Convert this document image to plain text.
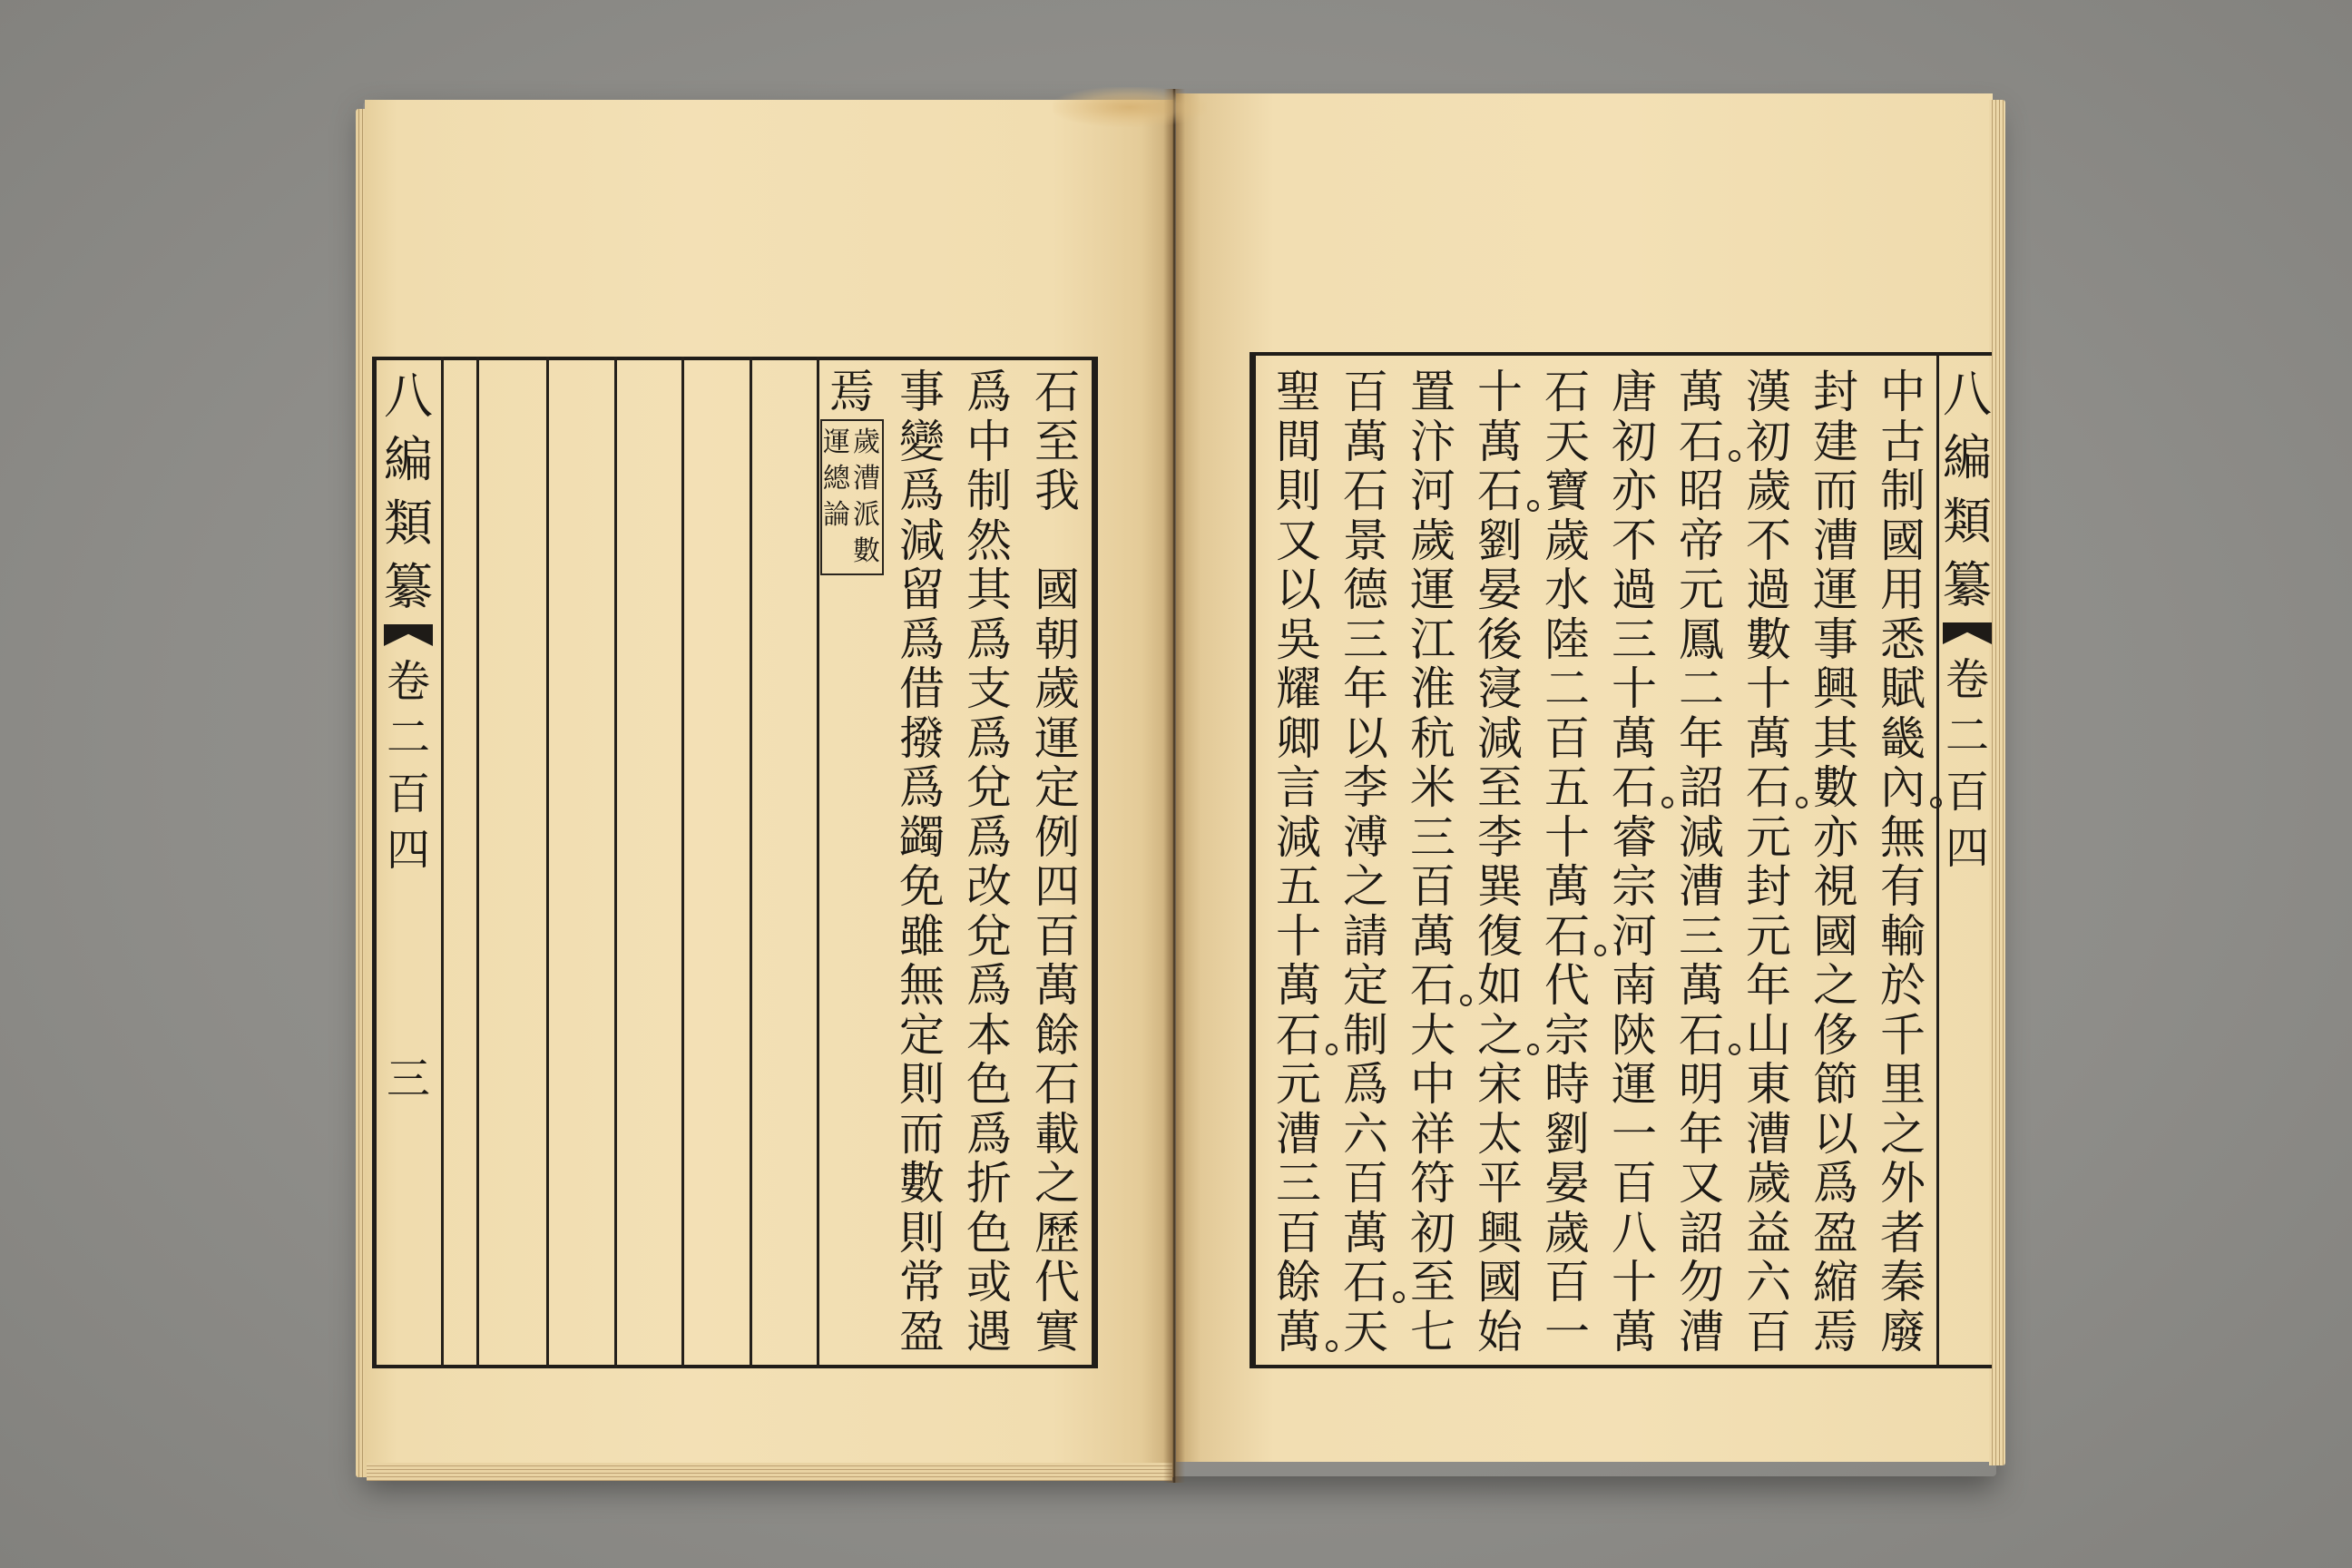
八
編
類
纂
卷
二
百
四
三
石
至
我

國
朝
歲
運
定
例
四
百
萬
餘
石
載
之
歷
代
實
爲
中
制
然
其
爲
支
爲
兌
爲
改
兌
爲
本
色
爲
折
色
或
遇
事
變
爲
減
留
爲
借
撥
爲
蠲
免
雖
無
定
則
而
數
則
常
盈
焉
歲
漕
派
數
運
總
論
八
編
類
纂
卷
二
百
四
中
古
制
國
用
悉
賦
畿
內
無
有
輸
於
千
里
之
外
者
秦
廢
封
建
而
漕
運
事
興
其
數
亦
視
國
之
侈
節
以
爲
盈
縮
焉
漢
初
歲
不
過
數
十
萬
石
元
封
元
年
山
東
漕
歲
益
六
百
萬
石
昭
帝
元
鳳
二
年
詔
減
漕
三
萬
石
明
年
又
詔
勿
漕
唐
初
亦
不
過
三
十
萬
石
睿
宗
河
南
陝
運
一
百
八
十
萬
石
天
寶
歲
水
陸
二
百
五
十
萬
石
代
宗
時
劉
晏
歲
百
一
十
萬
石
劉
晏
後
寖
減
至
李
巽
復
如
之
宋
太
平
興
國
始
置
汴
河
歲
運
江
淮
秔
米
三
百
萬
石
大
中
祥
符
初
至
七
百
萬
石
景
德
三
年
以
李
溥
之
請
定
制
爲
六
百
萬
石
天
聖
間
則
又
以
吳
耀
卿
言
減
五
十
萬
石
元
漕
三
百
餘
萬
